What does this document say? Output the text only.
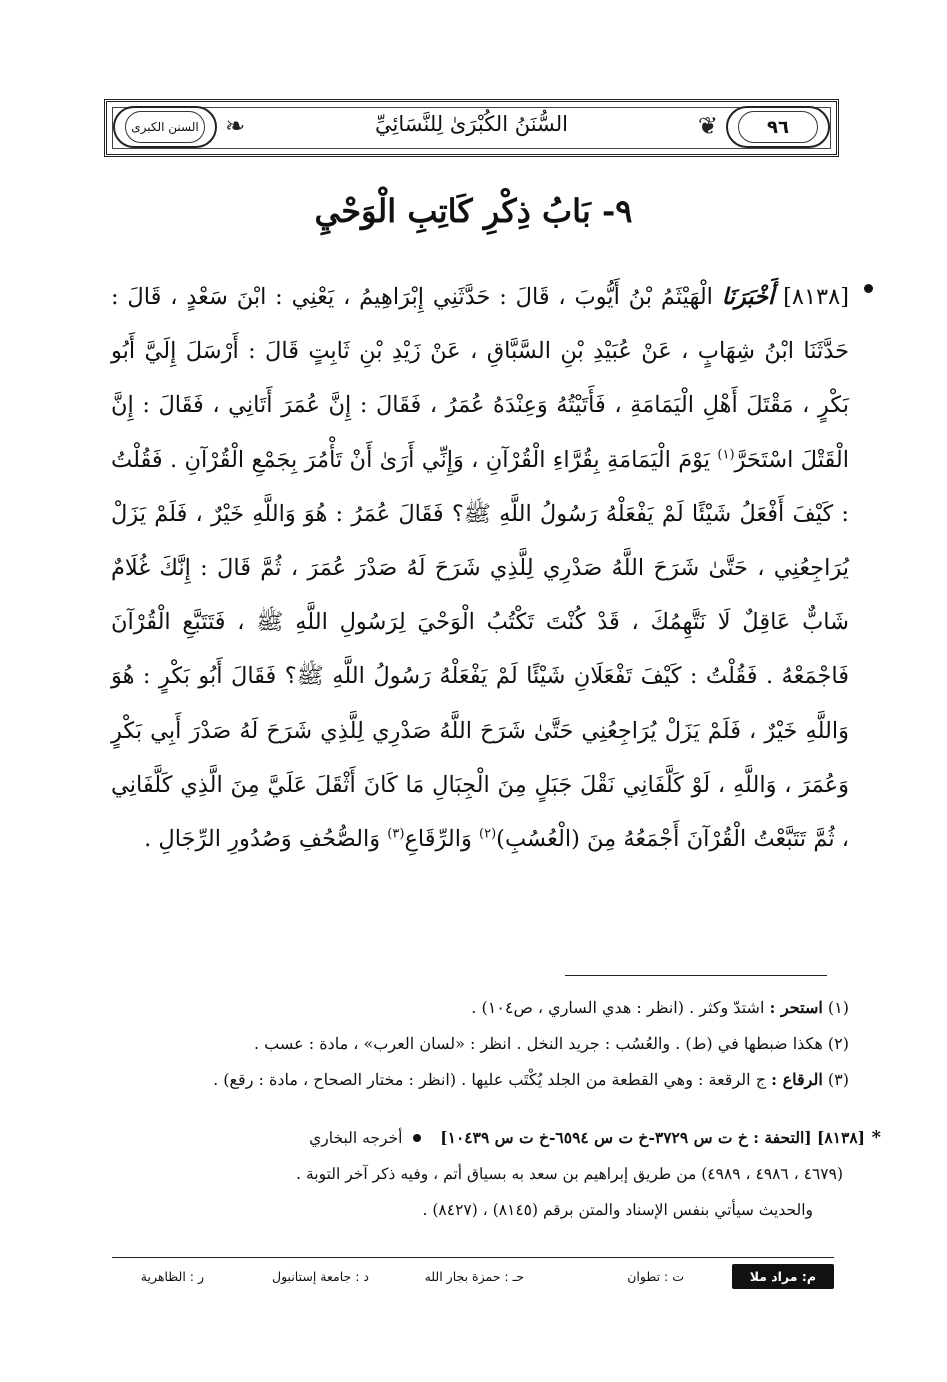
٩٦
❦
السُّنَنُ الكُبْرَىٰ لِلنَّسَائِيِّ
❧
السنن الكبرى
٩- بَابُ ذِكْرِ كَاتِبِ الْوَحْيِ
[٨١٣٨] أَخْبَرَنَا الْهَيْثَمُ بْنُ أَيُّوبَ ، قَالَ : حَدَّثَنِي إِبْرَاهِيمُ ، يَعْنِي : ابْنَ سَعْدٍ ، قَالَ : حَدَّثَنَا ابْنُ شِهَابٍ ، عَنْ عُبَيْدِ بْنِ السَّبَّاقِ ، عَنْ زَيْدِ بْنِ ثَابِتٍ قَالَ : أَرْسَلَ إِلَيَّ أَبُو بَكْرٍ ، مَقْتَلَ أَهْلِ الْيَمَامَةِ ، فَأَتَيْتُهُ وَعِنْدَهُ عُمَرُ ، فَقَالَ : إِنَّ عُمَرَ أَتَانِي ، فَقَالَ : إِنَّ الْقَتْلَ اسْتَحَرَّ$^{(١)}$ يَوْمَ الْيَمَامَةِ بِقُرَّاءِ الْقُرْآنِ ، وَإِنِّي أَرَىٰ أَنْ تَأْمُرَ بِجَمْعِ الْقُرْآنِ . فَقُلْتُ : كَيْفَ أَفْعَلُ شَيْئًا لَمْ يَفْعَلْهُ رَسُولُ اللَّهِ ﷺ؟ فَقَالَ عُمَرُ : هُوَ وَاللَّهِ خَيْرٌ ، فَلَمْ يَزَلْ يُرَاجِعُنِي ، حَتَّىٰ شَرَحَ اللَّهُ صَدْرِي لِلَّذِي شَرَحَ لَهُ صَدْرَ عُمَرَ ، ثُمَّ قَالَ : إِنَّكَ غُلَامٌ شَابٌّ عَاقِلٌ لَا نَتَّهِمُكَ ، قَدْ كُنْتَ تَكْتُبُ الْوَحْيَ لِرَسُولِ اللَّهِ ﷺ ، فَتَتَبَّعِ الْقُرْآنَ فَاجْمَعْهُ . فَقُلْتُ : كَيْفَ تَفْعَلَانِ شَيْئًا لَمْ يَفْعَلْهُ رَسُولُ اللَّهِ ﷺ؟ فَقَالَ أَبُو بَكْرٍ : هُوَ وَاللَّهِ خَيْرٌ ، فَلَمْ يَزَلْ يُرَاجِعُنِي حَتَّىٰ شَرَحَ اللَّهُ صَدْرِي لِلَّذِي شَرَحَ لَهُ صَدْرَ أَبِي بَكْرٍ وَعُمَرَ ، وَاللَّهِ ، لَوْ كَلَّفَانِي نَقْلَ جَبَلٍ مِنَ الْجِبَالِ مَا كَانَ أَثْقَلَ عَلَيَّ مِنَ الَّذِي كَلَّفَانِي ، ثُمَّ تَتَبَّعْتُ الْقُرْآنَ أَجْمَعُهُ مِنَ (الْعُسُبِ)$^{(٢)}$ وَالرِّقَاعِ$^{(٣)}$ وَالصُّحُفِ وَصُدُورِ الرِّجَالِ .
(١) استحر : اشتدّ وكثر . (انظر : هدي الساري ، ص١٠٤) .
(٢) هكذا ضبطها في (ط) . والعُسُب : جريد النخل . انظر : «لسان العرب» ، مادة : عسب .
(٣) الرقاع : ج الرقعة : وهي القطعة من الجلد يُكْتَب عليها . (انظر : مختار الصحاح ، مادة : رقع) .
*
[٨١٣٨] [التحفة : خ ت س ٣٧٢٩-خ ت س ٦٥٩٤-خ ت س ١٠٤٣٩]  أخرجه البخاري
(٤٦٧٩ ، ٤٩٨٦ ، ٤٩٨٩) من طريق إبراهيم بن سعد به بسياق أتم ، وفيه ذكر آخر التوبة .
والحديث سيأتي بنفس الإسناد والمتن برقم (٨١٤٥) ، (٨٤٢٧) .
م: مراد ملا
ت : تطوان
حـ : حمزة بجار الله
د : جامعة إستانبول
ر : الظاهرية
